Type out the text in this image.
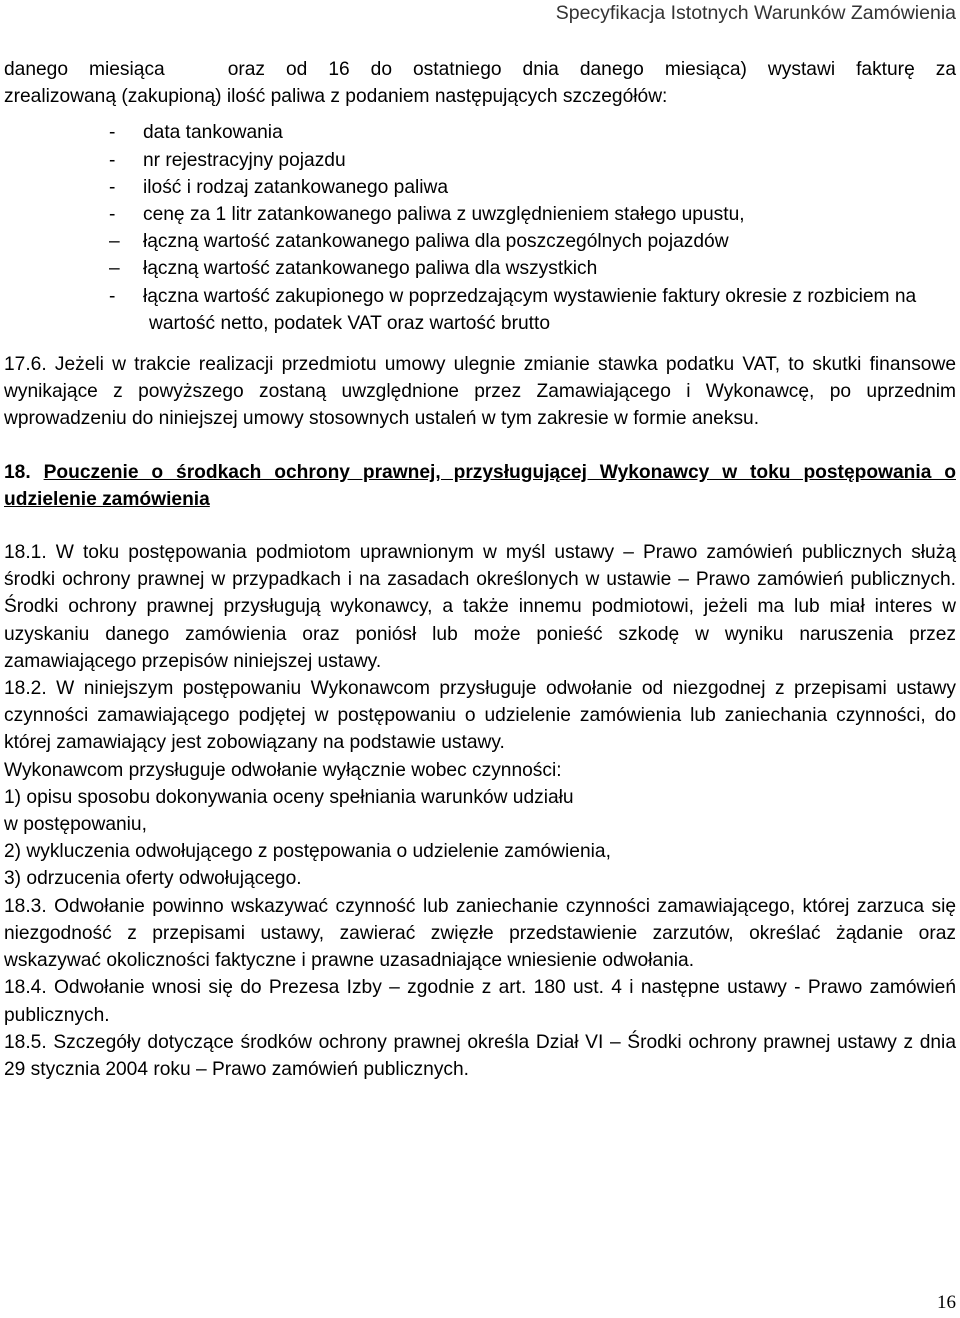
Specyfikacja Istotnych Warunków Zamówienia

danego miesiąca   oraz od 16 do ostatniego dnia danego miesiąca) wystawi fakturę za

zrealizowaną (zakupioną) ilość paliwa z podaniem następujących szczegółów:

- data tankowania
- nr rejestracyjny pojazdu
- ilość i rodzaj zatankowanego paliwa
- cenę za 1 litr zatankowanego paliwa z uwzględnieniem stałego upustu,
– łączną wartość zatankowanego paliwa dla poszczególnych pojazdów
– łączną wartość zatankowanego paliwa dla wszystkich
- łączna wartość zakupionego w poprzedzającym wystawienie faktury okresie z rozbiciem na wartość netto, podatek VAT oraz wartość brutto

17.6. Jeżeli w trakcie realizacji przedmiotu umowy ulegnie zmianie stawka podatku VAT, to skutki finansowe wynikające z powyższego zostaną uwzględnione przez Zamawiającego i Wykonawcę, po uprzednim wprowadzeniu do niniejszej umowy stosownych ustaleń w tym zakresie w formie aneksu.

18. Pouczenie o środkach ochrony prawnej, przysługującej Wykonawcy w toku postępowania o udzielenie zamówienia

18.1. W toku postępowania podmiotom uprawnionym w myśl ustawy – Prawo zamówień publicznych służą środki ochrony prawnej w przypadkach i na zasadach określonych w ustawie – Prawo zamówień publicznych. Środki ochrony prawnej przysługują wykonawcy, a także innemu podmiotowi, jeżeli ma lub miał interes w uzyskaniu danego zamówienia oraz poniósł lub może ponieść szkodę w wyniku naruszenia przez zamawiającego przepisów niniejszej ustawy.

18.2. W niniejszym postępowaniu Wykonawcom przysługuje odwołanie od niezgodnej z przepisami ustawy czynności zamawiającego podjętej w postępowaniu o udzielenie zamówienia lub zaniechania czynności, do której zamawiający jest zobowiązany na podstawie ustawy.

Wykonawcom przysługuje odwołanie wyłącznie wobec czynności:

1) opisu sposobu dokonywania oceny spełniania warunków udziału

w postępowaniu,

2) wykluczenia odwołującego z postępowania o udzielenie zamówienia,

3) odrzucenia oferty odwołującego.

18.3. Odwołanie powinno wskazywać czynność lub zaniechanie czynności zamawiającego, której zarzuca się niezgodność z przepisami ustawy, zawierać zwięzłe przedstawienie zarzutów, określać żądanie oraz wskazywać okoliczności faktyczne i prawne uzasadniające wniesienie odwołania.

18.4. Odwołanie wnosi się do Prezesa Izby – zgodnie z art. 180 ust. 4 i następne ustawy - Prawo zamówień publicznych.

18.5. Szczegóły dotyczące środków ochrony prawnej określa Dział VI – Środki ochrony prawnej ustawy z dnia 29 stycznia 2004 roku – Prawo zamówień publicznych.

16
